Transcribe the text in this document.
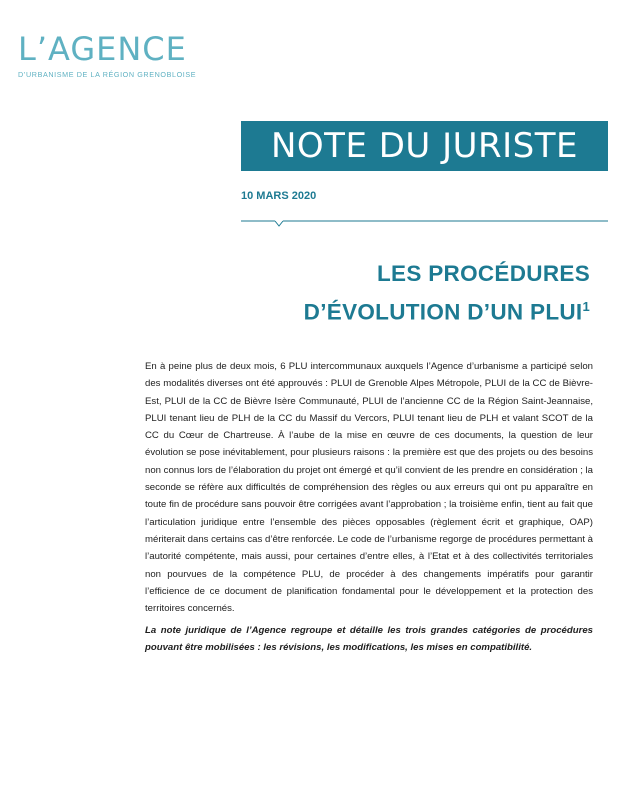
L’AGENCE
D’URBANISME DE LA RÉGION GRENOBLOISE
NOTE DU JURISTE
10 MARS 2020
LES PROCÉDURES
D’ÉVOLUTION D’UN PLUI$^1$

En à peine plus de deux mois, 6 PLU intercommunaux auxquels l’Agence d’urbanisme a participé selon des modalités diverses ont été approuvés : PLUI de Grenoble Alpes Métropole, PLUI de la CC de Bièvre-Est, PLUI de la CC de Bièvre Isère Communauté, PLUI de l’ancienne CC de la Région Saint-Jeannaise, PLUI tenant lieu de PLH de la CC du Massif du Vercors, PLUI tenant lieu de PLH et valant SCOT de la CC du Cœur de Chartreuse. À l’aube de la mise en œuvre de ces documents, la question de leur évolution se pose inévitablement, pour plusieurs raisons : la première est que des projets ou des besoins non connus lors de l’élaboration du projet ont émergé et qu’il convient de les prendre en considération ; la seconde se réfère aux difficultés de compréhension des règles ou aux erreurs qui ont pu apparaître en toute fin de procédure sans pouvoir être corrigées avant l’approbation ; la troisième enfin, tient au fait que l’articulation juridique entre l’ensemble des pièces opposables (règlement écrit et graphique, OAP) mériterait dans certains cas d’être renforcée. Le code de l’urbanisme regorge de procédures permettant à l’autorité compétente, mais aussi, pour certaines d’entre elles, à l’Etat et à des collectivités territoriales non pourvues de la compétence PLU, de procéder à des changements impératifs pour garantir l’efficience de ce document de planification fondamental pour le développement et la protection des territoires concernés.

La note juridique de l’Agence regroupe et détaille les trois grandes catégories de procédures pouvant être mobilisées : les révisions, les modifications, les mises en compatibilité.
